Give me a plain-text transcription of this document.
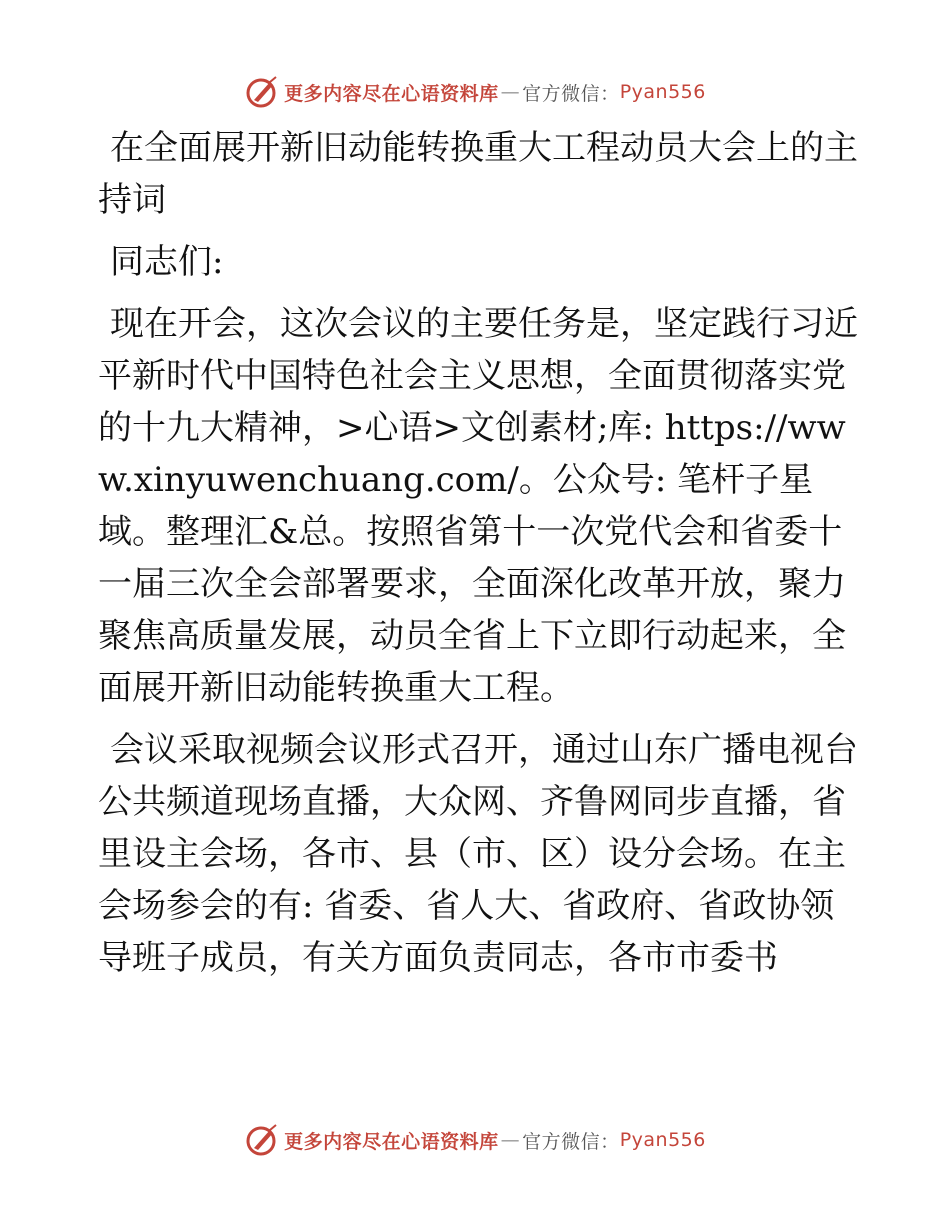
更多内容尽在心语资料库 — 官方微信： Pyan556
在全面展开新旧动能转换重大工程动员大会上的主持词

同志们:

现在开会，这次会议的主要任务是，坚定践行习近平新时代中国特色社会主义思想，全面贯彻落实党的十九大精神，>心语>文创素材;库: https://www.xinyuwenchuang.com/。公众号: 笔杆子星域。整理汇&总。按照省第十一次党代会和省委十一届三次全会部署要求，全面深化改革开放，聚力聚焦高质量发展，动员全省上下立即行动起来，全面展开新旧动能转换重大工程。

会议采取视频会议形式召开，通过山东广播电视台公共频道现场直播，大众网、齐鲁网同步直播，省里设主会场，各市、县（市、区）设分会场。在主会场参会的有: 省委、省人大、省政府、省政协领导班子成员，有关方面负责同志，各市市委书

更多内容尽在心语资料库 — 官方微信： Pyan556
